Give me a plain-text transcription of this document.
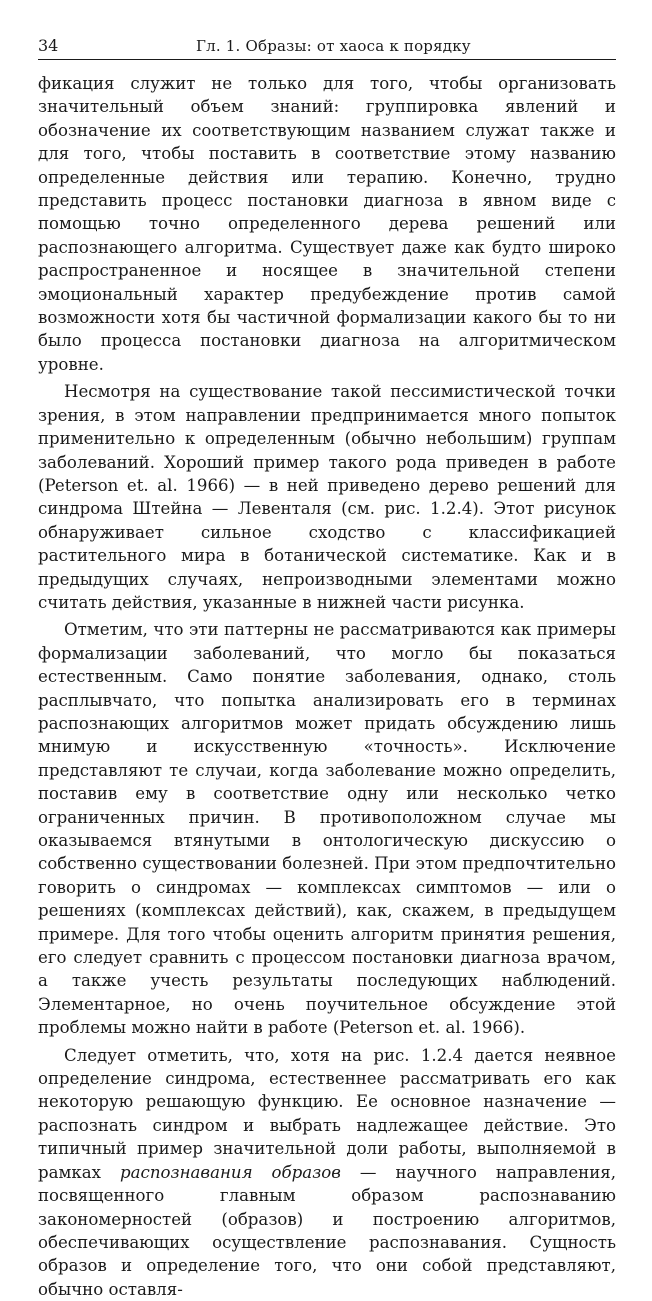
34	Гл. 1. Образы: от хаоса к порядку

фикация служит не только для того, чтобы организовать значительный объем знаний: группировка явлений и обозначение их соответствующим названием служат также и для того, чтобы поставить в соответствие этому названию определенные действия или терапию. Конечно, трудно представить процесс постановки диагноза в явном виде с помощью точно определенного дерева решений или распознающего алгоритма. Существует даже как будто широко распространенное и носящее в значительной степени эмоциональный характер предубеждение против самой возможности хотя бы частичной формализации какого бы то ни было процесса постановки диагноза на алгоритмическом уровне.

Несмотря на существование такой пессимистической точки зрения, в этом направлении предпринимается много попыток применительно к определенным (обычно небольшим) группам заболеваний. Хороший пример такого рода приведен в работе (Peterson et. al. 1966) — в ней приведено дерево решений для синдрома Штейна — Левенталя (см. рис. 1.2.4). Этот рисунок обнаруживает сильное сходство с классификацией растительного мира в ботанической систематике. Как и в предыдущих случаях, непроизводными элементами можно считать действия, указанные в нижней части рисунка.

Отметим, что эти паттерны не рассматриваются как примеры формализации заболеваний, что могло бы показаться естественным. Само понятие заболевания, однако, столь расплывчато, что попытка анализировать его в терминах распознающих алгоритмов может придать обсуждению лишь мнимую и искусственную «точность». Исключение представляют те случаи, когда заболевание можно определить, поставив ему в соответствие одну или несколько четко ограниченных причин. В противоположном случае мы оказываемся втянутыми в онтологическую дискуссию о собственно существовании болезней. При этом предпочтительно говорить о синдромах — комплексах симптомов — или о решениях (комплексах действий), как, скажем, в предыдущем примере. Для того чтобы оценить алгоритм принятия решения, его следует сравнить с процессом постановки диагноза врачом, а также учесть результаты последующих наблюдений. Элементарное, но очень поучительное обсуждение этой проблемы можно найти в работе (Peterson et. al. 1966).

Следует отметить, что, хотя на рис. 1.2.4 дается неявное определение синдрома, естественнее рассматривать его как некоторую решающую функцию. Ее основное назначение — распознать синдром и выбрать надлежащее действие. Это типичный пример значительной доли работы, выполняемой в рамках распознавания образов — научного направления, посвященного главным образом распознаванию закономерностей (образов) и построению алгоритмов, обеспечивающих осуществление распознавания. Сущность образов и определение того, что они собой представляют, обычно оставля-
